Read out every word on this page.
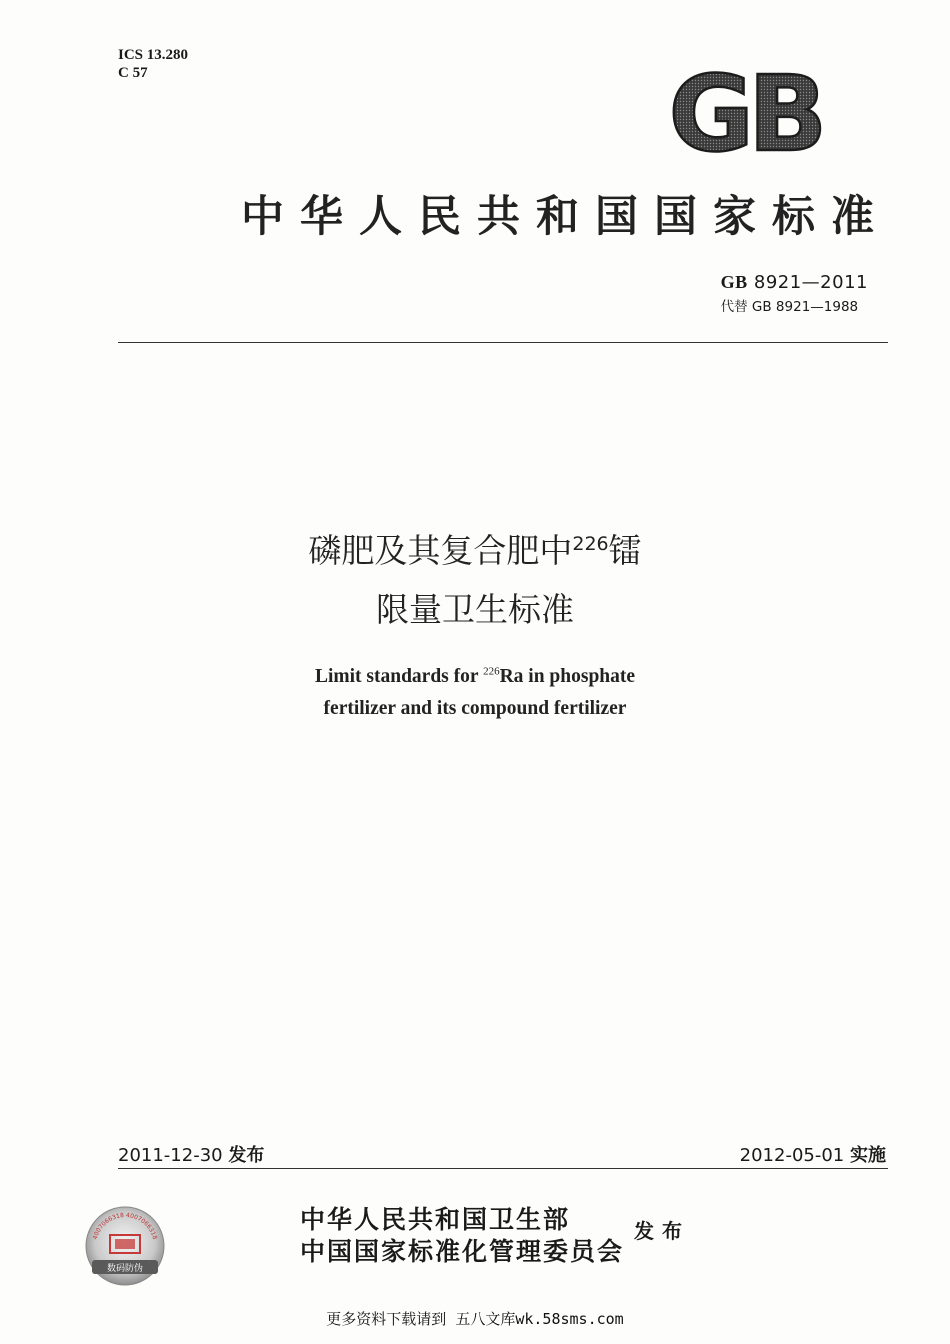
ICS 13.280
C 57	GB
中华人民共和国国家标准
GB 8921—2011
代替 GB 8921—1988
磷肥及其复合肥中$^{226}$镭
限量卫生标准
Limit standards for $^{226}$Ra in phosphate
fertilizer and its compound fertilizer
2011-12-30 发布	2012-05-01 实施
4007066318 4007066318
数码防伪
中华人民共和国卫生部
中国国家标准化管理委员会
发布
更多资料下载请到 五八文库wk.58sms.com
